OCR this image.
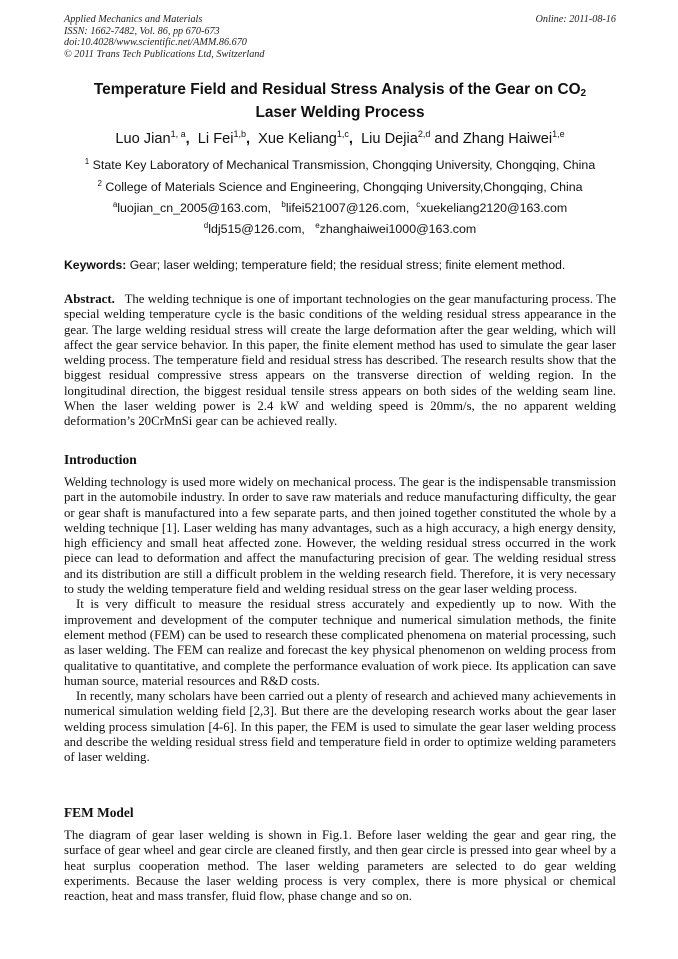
Applied Mechanics and Materials	Online: 2011-08-16
ISSN: 1662-7482, Vol. 86, pp 670-673
doi:10.4028/www.scientific.net/AMM.86.670
© 2011 Trans Tech Publications Ltd, Switzerland
Temperature Field and Residual Stress Analysis of the Gear on $CO_2$
Laser Welding Process
Luo Jian$^{1, a}$,  Li Fei$^{1,b}$,  Xue Keliang$^{1,c}$,  Liu Dejia$^{2,d}$ and Zhang Haiwei$^{1,e}$
$^1$ State Key Laboratory of Mechanical Transmission, Chongqing University, Chongqing, China
$^2$ College of Materials Science and Engineering, Chongqing University,Chongqing, China
$^a$luojian_cn_2005@163.com, $^b$lifei521007@126.com, $^c$xuekeliang2120@163.com
$^d$ldj515@126.com, $^e$zhanghaiwei1000@163.com
Keywords: Gear; laser welding; temperature field; the residual stress; finite element method.

Abstract. The welding technique is one of important technologies on the gear manufacturing process. The special welding temperature cycle is the basic conditions of the welding residual stress appearance in the gear. The large welding residual stress will create the large deformation after the gear welding, which will affect the gear service behavior. In this paper, the finite element method has used to simulate the gear laser welding process. The temperature field and residual stress has described. The research results show that the biggest residual compressive stress appears on the transverse direction of welding region. In the longitudinal direction, the biggest residual tensile stress appears on both sides of the welding seam line. When the laser welding power is 2.4 kW and welding speed is 20mm/s, the no apparent welding deformation’s 20CrMnSi gear can be achieved really.

Introduction

Welding technology is used more widely on mechanical process. The gear is the indispensable transmission part in the automobile industry. In order to save raw materials and reduce manufacturing difficulty, the gear or gear shaft is manufactured into a few separate parts, and then joined together constituted the whole by a welding technique [1]. Laser welding has many advantages, such as a high accuracy, a high energy density, high efficiency and small heat affected zone. However, the welding residual stress occurred in the work piece can lead to deformation and affect the manufacturing precision of gear. The welding residual stress and its distribution are still a difficult problem in the welding research field. Therefore, it is very necessary to study the welding temperature field and welding residual stress on the gear laser welding process.

It is very difficult to measure the residual stress accurately and expediently up to now. With the improvement and development of the computer technique and numerical simulation methods, the finite element method (FEM) can be used to research these complicated phenomena on material processing, such as laser welding. The FEM can realize and forecast the key physical phenomenon on welding process from qualitative to quantitative, and complete the performance evaluation of work piece. Its application can save human source, material resources and R&D costs.

In recently, many scholars have been carried out a plenty of research and achieved many achievements in numerical simulation welding field [2,3]. But there are the developing research works about the gear laser welding process simulation [4-6]. In this paper, the FEM is used to simulate the gear laser welding process and describe the welding residual stress field and temperature field in order to optimize welding parameters of laser welding.

FEM Model

The diagram of gear laser welding is shown in Fig.1. Before laser welding the gear and gear ring, the surface of gear wheel and gear circle are cleaned firstly, and then gear circle is pressed into gear wheel by a heat surplus cooperation method. The laser welding parameters are selected to do gear welding experiments. Because the laser welding process is very complex, there is more physical or chemical reaction, heat and mass transfer, fluid flow, phase change and so on.
